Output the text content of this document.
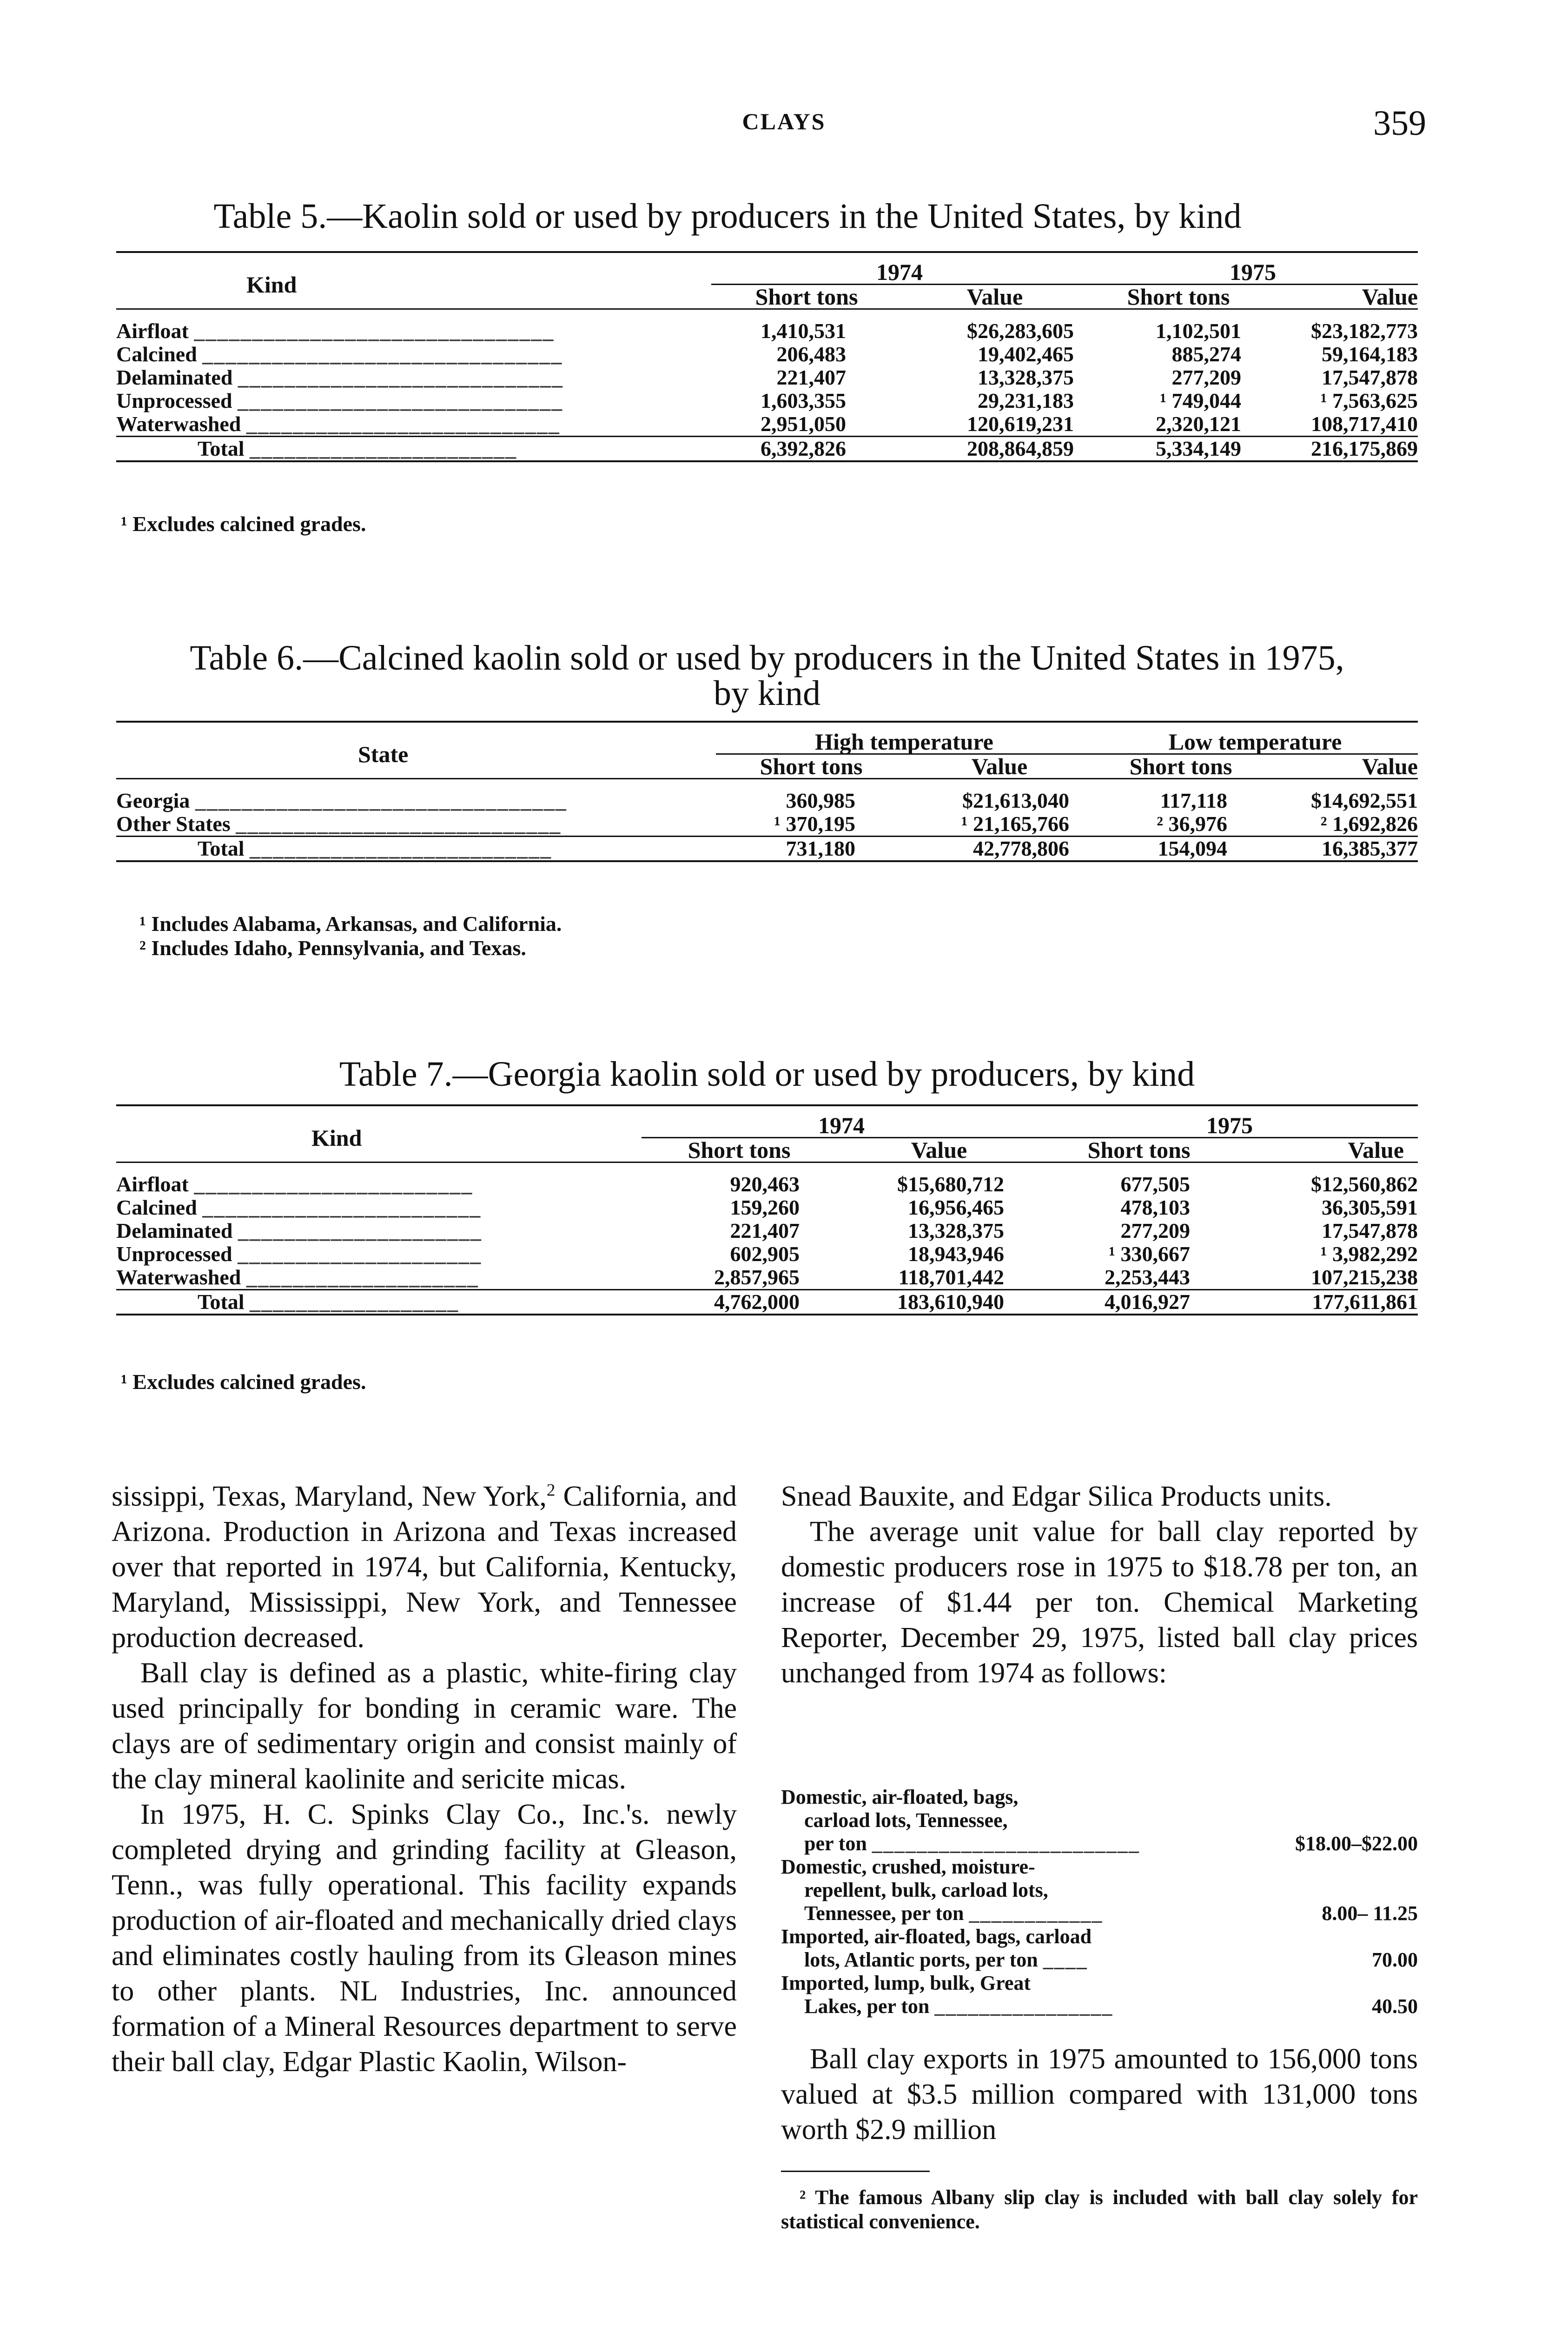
CLAYS	359
Table 5.—Kaolin sold or used by producers in the United States, by kind
Kind	1974		1975	
	Short tons	Value	Short tons	Value

Airfloat _______________________________	1,410,531	$26,283,605	1,102,501	$23,182,773
Calcined _______________________________	206,483	19,402,465	885,274	59,164,183
Delaminated ____________________________	221,407	13,328,375	277,209	17,547,878
Unprocessed ____________________________	1,603,355	29,231,183	¹ 749,044	¹ 7,563,625
Waterwashed ___________________________	2,951,050	120,619,231	2,320,121	108,717,410
Total _______________________	6,392,826	208,864,859	5,334,149	216,175,869
¹ Excludes calcined grades.
Table 6.—Calcined kaolin sold or used by producers in the United States in 1975,
by kind
State	High temperature		Low temperature	
	Short tons	Value	Short tons	Value

Georgia ________________________________	360,985	$21,613,040	117,118	$14,692,551
Other States ____________________________	¹ 370,195	¹ 21,165,766	² 36,976	² 1,692,826
Total __________________________	731,180	42,778,806	154,094	16,385,377
¹ Includes Alabama, Arkansas, and California.
² Includes Idaho, Pennsylvania, and Texas.
Table 7.—Georgia kaolin sold or used by producers, by kind
Kind	1974		1975	
	Short tons	Value	Short tons	Value

Airfloat ________________________	920,463	$15,680,712	677,505	$12,560,862
Calcined ________________________	159,260	16,956,465	478,103	36,305,591
Delaminated _____________________	221,407	13,328,375	277,209	17,547,878
Unprocessed _____________________	602,905	18,943,946	¹ 330,667	¹ 3,982,292
Waterwashed ____________________	2,857,965	118,701,442	2,253,443	107,215,238
Total __________________	4,762,000	183,610,940	4,016,927	177,611,861
¹ Excludes calcined grades.

sissippi, Texas, Maryland, New York,$^2$ California, and Arizona. Production in Arizona and Texas increased over that reported in 1974, but California, Kentucky, Maryland, Mississippi, New York, and Tennessee production decreased.

Ball clay is defined as a plastic, white-firing clay used principally for bonding in ceramic ware. The clays are of sedimentary origin and consist mainly of the clay mineral kaolinite and sericite micas.

In 1975, H. C. Spinks Clay Co., Inc.'s. newly completed drying and grinding facility at Gleason, Tenn., was fully operational. This facility expands production of air-floated and mechanically dried clays and eliminates costly hauling from its Gleason mines to other plants. NL Industries, Inc. announced formation of a Mineral Resources department to serve their ball clay, Edgar Plastic Kaolin, Wilson-

Snead Bauxite, and Edgar Silica Products units.

The average unit value for ball clay reported by domestic producers rose in 1975 to $18.78 per ton, an increase of $1.44 per ton. Chemical Marketing Reporter, December 29, 1975, listed ball clay prices unchanged from 1974 as follows:

Domestic, air-floated, bags,
carload lots, Tennessee,
per ton ________________________	$18.00–$22.00
Domestic, crushed, moisture-
repellent, bulk, carload lots,
Tennessee, per ton ____________	8.00– 11.25
Imported, air-floated, bags, carload
lots, Atlantic ports, per ton ____	70.00
Imported, lump, bulk, Great
Lakes, per ton ________________	40.50
Ball clay exports in 1975 amounted to 156,000 tons valued at $3.5 million compared with 131,000 tons worth $2.9 million
² The famous Albany slip clay is included with ball clay solely for statistical convenience.
